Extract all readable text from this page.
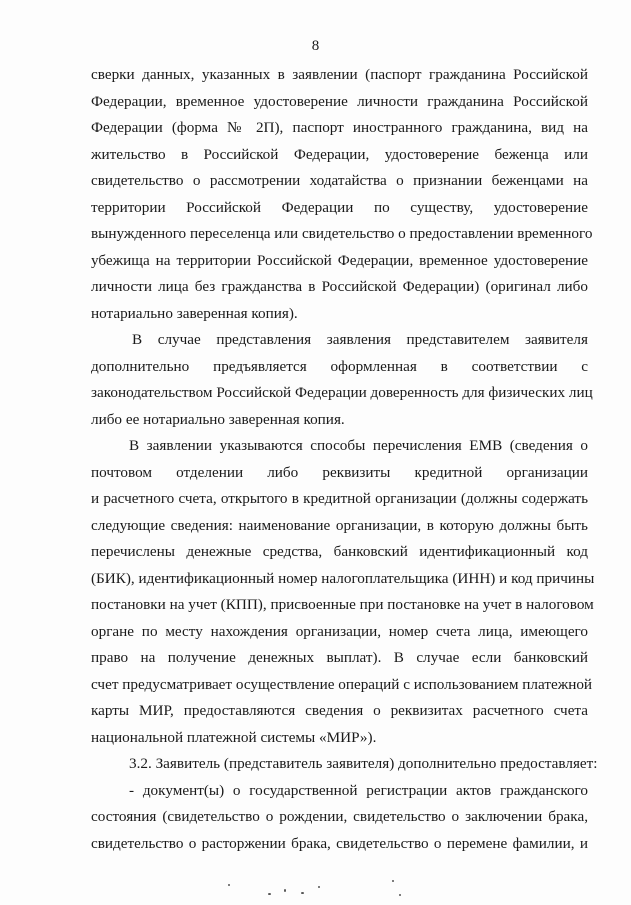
8
сверки данных, указанных в заявлении (паспорт гражданина Российской
Федерации, временное удостоверение личности гражданина Российской
Федерации (форма № 2П), паспорт иностранного гражданина, вид на
жительство в Российской Федерации, удостоверение беженца или
свидетельство о рассмотрении ходатайства о признании беженцами на
территории Российской Федерации по существу, удостоверение
вынужденного переселенца или свидетельство о предоставлении временного
убежища на территории Российской Федерации, временное удостоверение
личности лица без гражданства в Российской Федерации) (оригинал либо
нотариально заверенная копия).
В случае представления заявления представителем заявителя
дополнительно предъявляется оформленная в соответствии с
законодательством Российской Федерации доверенность для физических лиц
либо ее нотариально заверенная копия.
В заявлении указываются способы перечисления ЕМВ (сведения о
почтовом отделении либо реквизиты кредитной организации
и расчетного счета, открытого в кредитной организации (должны содержать
следующие сведения: наименование организации, в которую должны быть
перечислены денежные средства, банковский идентификационный код
(БИК), идентификационный номер налогоплательщика (ИНН) и код причины
постановки на учет (КПП), присвоенные при постановке на учет в налоговом
органе по месту нахождения организации, номер счета лица, имеющего
право на получение денежных выплат). В случае если банковский
счет предусматривает осуществление операций с использованием платежной
карты МИР, предоставляются сведения о реквизитах расчетного счета
национальной платежной системы «МИР»).
3.2. Заявитель (представитель заявителя) дополнительно предоставляет:
- документ(ы) о государственной регистрации актов гражданского
состояния (свидетельство о рождении, свидетельство о заключении брака,
свидетельство о расторжении брака, свидетельство о перемене фамилии, и
